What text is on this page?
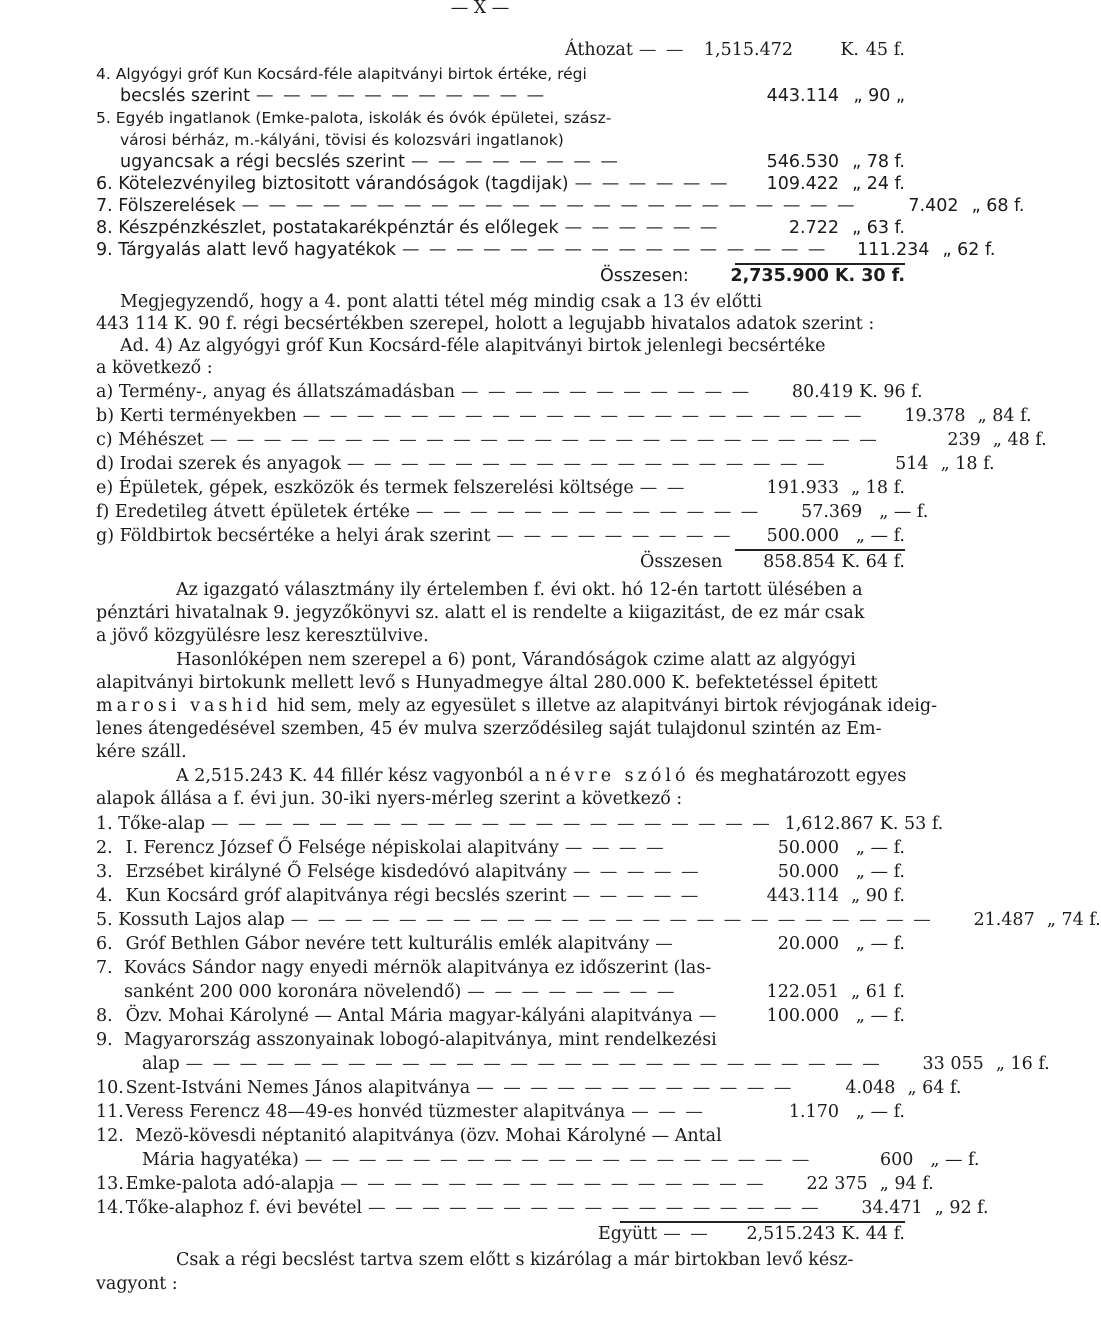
— X —
Áthozat — —	1,515.472	K. 45 f.
4. Algyógyi gróf Kun Kocsárd-féle alapitványi birtok értéke, régi
becslés szerint — — — — — — — — — — —	443.114 „ 90 „
5. Egyéb ingatlanok (Emke-palota, iskolák és óvók épületei, szász-
városi bérház, m.-kályáni, tövisi és kolozsvári ingatlanok)
ugyancsak a régi becslés szerint — — — — — — — —	546.530 „ 78 f.
6.
Kötelezvényileg biztositott várandóságok (tagdijak) — — — — — —	109.422 „ 24 f.
7.
Fölszerelések — — — — — — — — — — — — — — — — — — — — — — —	7.402 „ 68 f.
8.
Készpénzkészlet, postatakarékpénztár és előlegek — — — — — —	2.722 „ 63 f.
9.
Tárgyalás alatt levő hagyatékok — — — — — — — — — — — — — — — —	111.234 „ 62 f.
Összesen: 2,735.900 K. 30 f.
Megjegyzendő, hogy a 4. pont alatti tétel még mindig csak a 13 év előtti
443 114 K. 90 f. régi becsértékben szerepel, holott a legujabb hivatalos adatok szerint :
Ad. 4) Az algyógyi gróf Kun Kocsárd-féle alapitványi birtok jelenlegi becsértéke
a következő :
a)
Termény-, anyag és állatszámadásban — — — — — — — — — — —	80.419 K. 96 f.
b)
Kerti terményekben — — — — — — — — — — — — — — — — — — — — —	19.378 „ 84 f.
c)
Méhészet — — — — — — — — — — — — — — — — — — — — — — — — —	239 „ 48 f.
d)
Irodai szerek és anyagok — — — — — — — — — — — — — — — — — —	514 „ 18 f.
e)
Épületek, gépek, eszközök és termek felszerelési költsége — —	191.933 „ 18 f.
f)
Eredetileg átvett épületek értéke — — — — — — — — — — — — —	57.369 „ — f.
g)
Földbirtok becsértéke a helyi árak szerint — — — — — — — — —	500.000 „ — f.
Összesen	858.854 K. 64 f.
Az igazgató választmány ily értelemben f. évi okt. hó 12-én tartott ülésében a
pénztári hivatalnak 9. jegyzőkönyvi sz. alatt el is rendelte a kiigazitást, de ez már csak
a jövő közgyülésre lesz keresztülvive.
Hasonlóképen nem szerepel a 6) pont, Várandóságok czime alatt az algyógyi
alapitványi birtokunk mellett levő s Hunyadmegye által 280.000 K. befektetéssel épitett
marosi vashid hid sem, mely az egyesület s illetve az alapitványi birtok révjogának ideig-
lenes átengedésével szemben, 45 év mulva szerződésileg saját tulajdonul szintén az Em-
kére száll.
A 2,515.243 K. 44 fillér kész vagyonból a névre szóló és meghatározott egyes
alapok állása a f. évi jun. 30-iki nyers-mérleg szerint a következő :
1.
Tőke-alap — — — — — — — — — — — — — — — — — — — — — 1,612.867 K. 53 f.
2.
I. Ferencz József Ő Felsége népiskolai alapitvány — — — —	50.000 „ — f.
3.
Erzsébet királyné Ő Felsége kisdedóvó alapitvány — — — — —	50.000 „ — f.
4.
Kun Kocsárd gróf alapitványa régi becslés szerint — — — — —	443.114 „ 90 f.
5.
Kossuth Lajos alap — — — — — — — — — — — — — — — — — — — — — — — —	21.487 „ 74 f.
6.
Gróf Bethlen Gábor nevére tett kulturális emlék alapitvány —	20.000 „ — f.
7. Kovács Sándor nagy enyedi mérnök alapitványa ez időszerint (las-
sanként 200 000 koronára növelendő) — — — — — — — —	122.051 „ 61 f.
8.
Özv. Mohai Károlyné — Antal Mária magyar-kályáni alapitványa —	100.000 „ — f.
9. Magyarország asszonyainak lobogó-alapitványa, mint rendelkezési
alap — — — — — — — — — — — — — — — — — — — — — — — — — —	33 055 „ 16 f.
10.
Szent-Istváni Nemes János alapitványa — — — — — — — — — — — —	4.048 „ 64 f.
11.
Veress Ferencz 48—49-es honvéd tüzmester alapitványa — — —	1.170 „ — f.
12. Mezö-kövesdi néptanitó alapitványa (özv. Mohai Károlyné — Antal
Mária hagyatéka) — — — — — — — — — — — — — — — — — — —	600 „ — f.
13.
Emke-palota adó-alapja — — — — — — — — — — — — — — — —	22 375 „ 94 f.
14.
Tőke-alaphoz f. évi bevétel — — — — — — — — — — — — — — — — —	34.471 „ 92 f.
Együtt — —	2,515.243 K. 44 f.
Csak a régi becslést tartva szem előtt s kizárólag a már birtokban levő kész-
vagyont :
